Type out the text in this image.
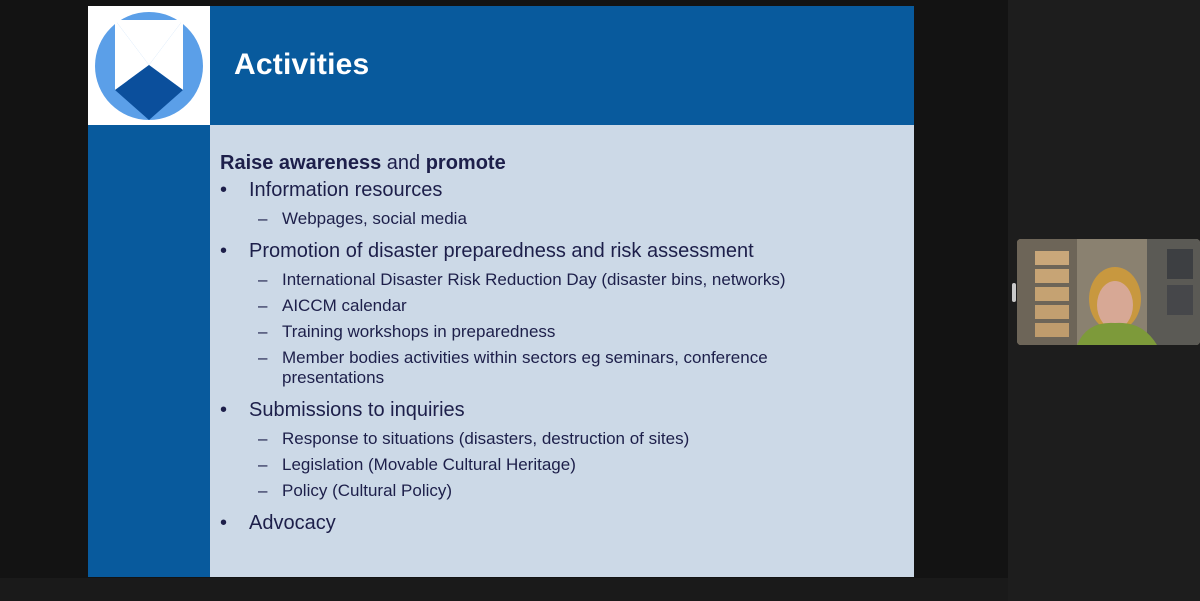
Activities
Raise awareness and promote
• Information resources
– Webpages, social media
• Promotion of disaster preparedness and risk assessment
– International Disaster Risk Reduction Day (disaster bins, networks)
– AICCM calendar
– Training workshops in preparedness
– Member bodies activities within sectors eg seminars, conference presentations
• Submissions to inquiries
– Response to situations (disasters, destruction of sites)
– Legislation (Movable Cultural Heritage)
– Policy (Cultural Policy)
• Advocacy
